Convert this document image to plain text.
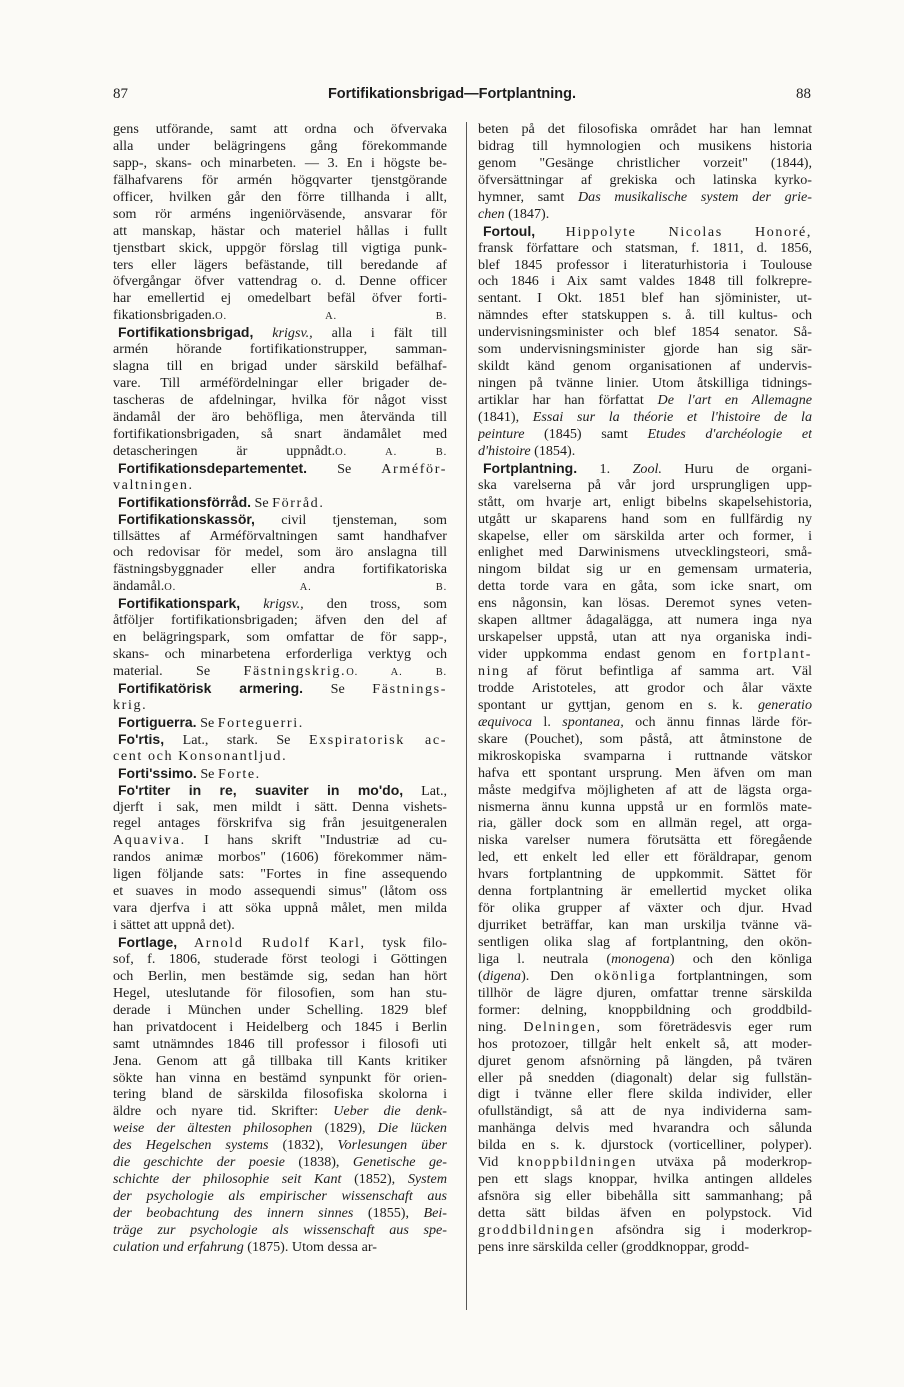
87	Fortifikationsbrigad—Fortplantning.	88
gens utförande, samt att ordna och öfvervaka
alla under belägringens gång förekommande
sapp-, skans- och minarbeten. — 3. En i högste be-
fälhafvarens för armén högqvarter tjenstgörande
officer, hvilken går den förre tillhanda i allt,
som rör arméns ingeniörväsende, ansvarar för
att manskap, hästar och materiel hållas i fullt
tjenstbart skick, uppgör förslag till vigtiga punk-
ters eller lägers befästande, till beredande af
öfvergångar öfver vattendrag o. d. Denne officer
har emellertid ej omedelbart befäl öfver forti-
fikationsbrigaden.O. A. B.
Fortifikationsbrigad, krigsv., alla i fält till
armén hörande fortifikationstrupper, samman-
slagna till en brigad under särskild befälhaf-
vare. Till arméfördelningar eller brigader de-
tascheras de afdelningar, hvilka för något visst
ändamål der äro behöfliga, men återvända till
fortifikationsbrigaden, så snart ändamålet med
detascheringen är uppnådt.O. A. B.
Fortifikationsdepartementet. Se Arméför-
valtningen.
Fortifikationsförråd. Se Förråd.
Fortifikationskassör, civil tjensteman, som
tillsättes af Arméförvaltningen samt handhafver
och redovisar för medel, som äro anslagna till
fästningsbyggnader eller andra fortifikatoriska
ändamål.O. A. B.
Fortifikationspark, krigsv., den tross, som
åtföljer fortifikationsbrigaden; äfven den del af
en belägringspark, som omfattar de för sapp-,
skans- och minarbetena erforderliga verktyg och
material. Se Fästningskrig.O. A. B.
Fortifikatörisk armering. Se Fästnings-
krig.
Fortiguerra. Se Forteguerri.
Fo'rtis, Lat., stark. Se Exspiratorisk ac-
cent och Konsonantljud.
Forti'ssimo. Se Forte.
Fo'rtiter in re, suaviter in mo'do, Lat.,
djerft i sak, men mildt i sätt. Denna vishets-
regel antages förskrifva sig från jesuitgeneralen
Aquaviva. I hans skrift "Industriæ ad cu-
randos animæ morbos" (1606) förekommer näm-
ligen följande sats: "Fortes in fine assequendo
et suaves in modo assequendi simus" (låtom oss
vara djerfva i att söka uppnå målet, men milda
i sättet att uppnå det).
Fortlage, Arnold Rudolf Karl, tysk filo-
sof, f. 1806, studerade först teologi i Göttingen
och Berlin, men bestämde sig, sedan han hört
Hegel, uteslutande för filosofien, som han stu-
derade i München under Schelling. 1829 blef
han privatdocent i Heidelberg och 1845 i Berlin
samt utnämndes 1846 till professor i filosofi uti
Jena. Genom att gå tillbaka till Kants kritiker
sökte han vinna en bestämd synpunkt för orien-
tering bland de särskilda filosofiska skolorna i
äldre och nyare tid. Skrifter: Ueber die denk-
weise der ältesten philosophen (1829), Die lücken
des Hegelschen systems (1832), Vorlesungen über
die geschichte der poesie (1838), Genetische ge-
schichte der philosophie seit Kant (1852), System
der psychologie als empirischer wissenschaft aus
der beobachtung des innern sinnes (1855), Bei-
träge zur psychologie als wissenschaft aus spe-
culation und erfahrung (1875). Utom dessa ar-
beten på det filosofiska området har han lemnat
bidrag till hymnologien och musikens historia
genom "Gesänge christlicher vorzeit" (1844),
öfversättningar af grekiska och latinska kyrko-
hymner, samt Das musikalische system der grie-
chen (1847).
Fortoul, Hippolyte Nicolas Honoré,
fransk författare och statsman, f. 1811, d. 1856,
blef 1845 professor i literaturhistoria i Toulouse
och 1846 i Aix samt valdes 1848 till folkrepre-
sentant. I Okt. 1851 blef han sjöminister, ut-
nämndes efter statskuppen s. å. till kultus- och
undervisningsminister och blef 1854 senator. Så-
som undervisningsminister gjorde han sig sär-
skildt känd genom organisationen af undervis-
ningen på tvänne linier. Utom åtskilliga tidnings-
artiklar har han författat De l'art en Allemagne
(1841), Essai sur la théorie et l'histoire de la
peinture (1845) samt Etudes d'archéologie et
d'histoire (1854).
Fortplantning. 1. Zool. Huru de organi-
ska varelserna på vår jord ursprungligen upp-
stått, om hvarje art, enligt bibelns skapelsehistoria,
utgått ur skaparens hand som en fullfärdig ny
skapelse, eller om särskilda arter och former, i
enlighet med Darwinismens utvecklingsteori, små-
ningom bildat sig ur en gemensam urmateria,
detta torde vara en gåta, som icke snart, om
ens någonsin, kan lösas. Deremot synes veten-
skapen alltmer ådagalägga, att numera inga nya
urskapelser uppstå, utan att nya organiska indi-
vider uppkomma endast genom en fortplant-
ning af förut befintliga af samma art. Väl
trodde Aristoteles, att grodor och ålar växte
spontant ur gyttjan, genom en s. k. generatio
æquivoca l. spontanea, och ännu finnas lärde för-
skare (Pouchet), som påstå, att åtminstone de
mikroskopiska svamparna i ruttnande vätskor
hafva ett spontant ursprung. Men äfven om man
måste medgifva möjligheten af att de lägsta orga-
nismerna ännu kunna uppstå ur en formlös mate-
ria, gäller dock som en allmän regel, att orga-
niska varelser numera förutsätta ett föregående
led, ett enkelt led eller ett föräldrapar, genom
hvars fortplantning de uppkommit. Sättet för
denna fortplantning är emellertid mycket olika
för olika grupper af växter och djur. Hvad
djurriket beträffar, kan man urskilja tvänne vä-
sentligen olika slag af fortplantning, den okön-
liga l. neutrala (monogena) och den könliga
(digena). Den okönliga fortplantningen, som
tillhör de lägre djuren, omfattar trenne särskilda
former: delning, knoppbildning och groddbild-
ning. Delningen, som företrädesvis eger rum
hos protozoer, tillgår helt enkelt så, att moder-
djuret genom afsnörning på längden, på tvären
eller på snedden (diagonalt) delar sig fullstän-
digt i tvänne eller flere skilda individer, eller
ofullständigt, så att de nya individerna sam-
manhänga delvis med hvarandra och sålunda
bilda en s. k. djurstock (vorticelliner, polyper).
Vid knoppbildningen utväxa på moderkrop-
pen ett slags knoppar, hvilka antingen alldeles
afsnöra sig eller bibehålla sitt sammanhang; på
detta sätt bildas äfven en polypstock. Vid
groddbildningen afsöndra sig i moderkrop-
pens inre särskilda celler (groddknoppar, grodd-
